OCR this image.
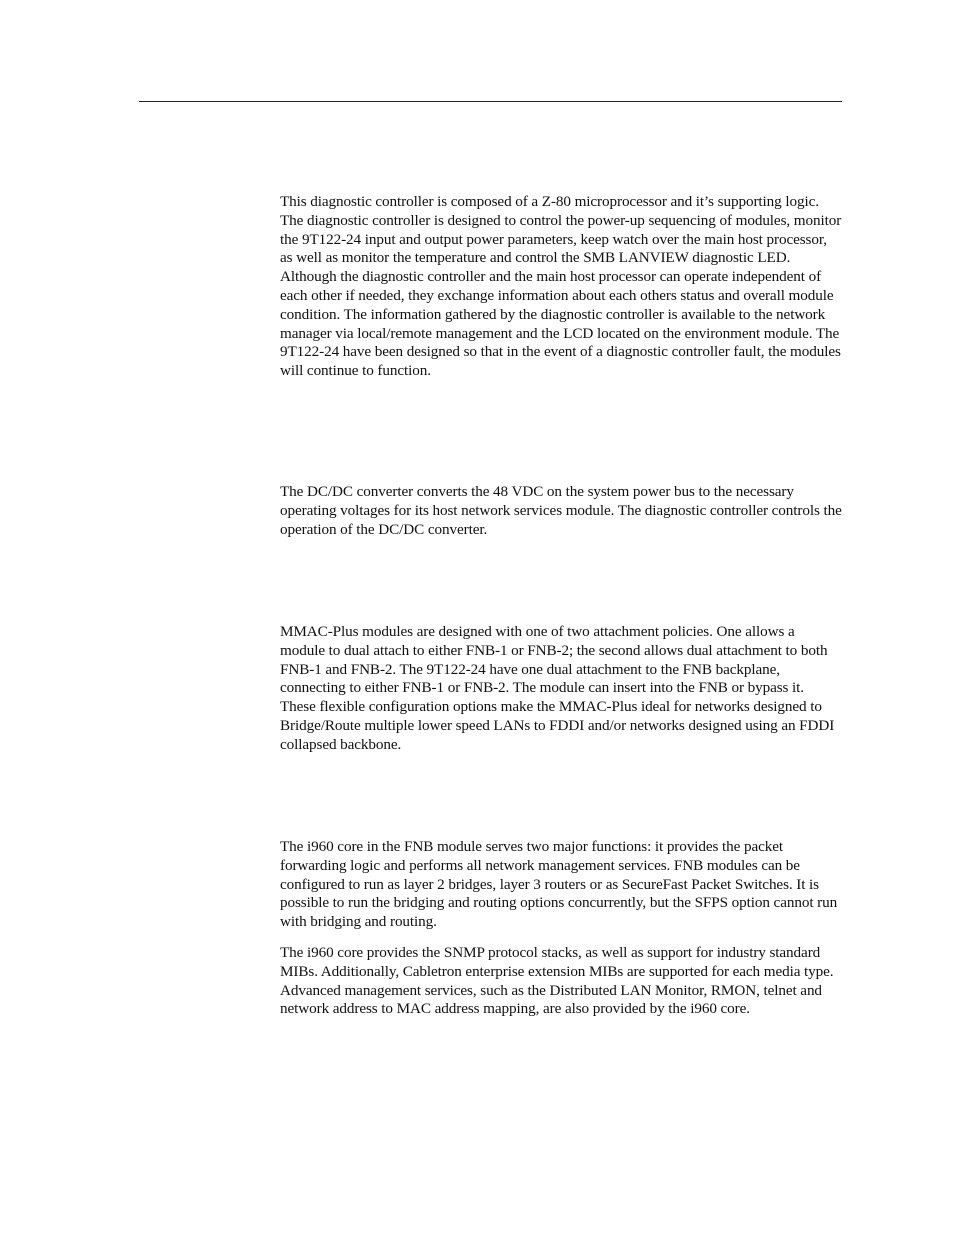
This diagnostic controller is composed of a Z-80 microprocessor and it’s supporting logic. The diagnostic controller is designed to control the power-up sequencing of modules, monitor the 9T122-24 input and output power parameters, keep watch over the main host processor, as well as monitor the temperature and control the SMB LANVIEW diagnostic LED. Although the diagnostic controller and the main host processor can operate independent of each other if needed, they exchange information about each others status and overall module condition. The information gathered by the diagnostic controller is available to the network manager via local/remote management and the LCD located on the environment module. The 9T122-24 have been designed so that in the event of a diagnostic controller fault, the modules will continue to function.

The DC/DC converter converts the 48 VDC on the system power bus to the necessary operating voltages for its host network services module. The diagnostic controller controls the operation of the DC/DC converter.

MMAC-Plus modules are designed with one of two attachment policies. One allows a module to dual attach to either FNB-1 or FNB-2; the second allows dual attachment to both FNB-1 and FNB-2. The 9T122-24 have one dual attachment to the FNB backplane, connecting to either FNB-1 or FNB-2. The module can insert into the FNB or bypass it. These flexible configuration options make the MMAC-Plus ideal for networks designed to Bridge/Route multiple lower speed LANs to FDDI and/or networks designed using an FDDI collapsed backbone.

The i960 core in the FNB module serves two major functions: it provides the packet forwarding logic and performs all network management services. FNB modules can be configured to run as layer 2 bridges, layer 3 routers or as SecureFast Packet Switches. It is possible to run the bridging and routing options concurrently, but the SFPS option cannot run with bridging and routing.

The i960 core provides the SNMP protocol stacks, as well as support for industry standard MIBs. Additionally, Cabletron enterprise extension MIBs are supported for each media type. Advanced management services, such as the Distributed LAN Monitor, RMON, telnet and network address to MAC address mapping, are also provided by the i960 core.
